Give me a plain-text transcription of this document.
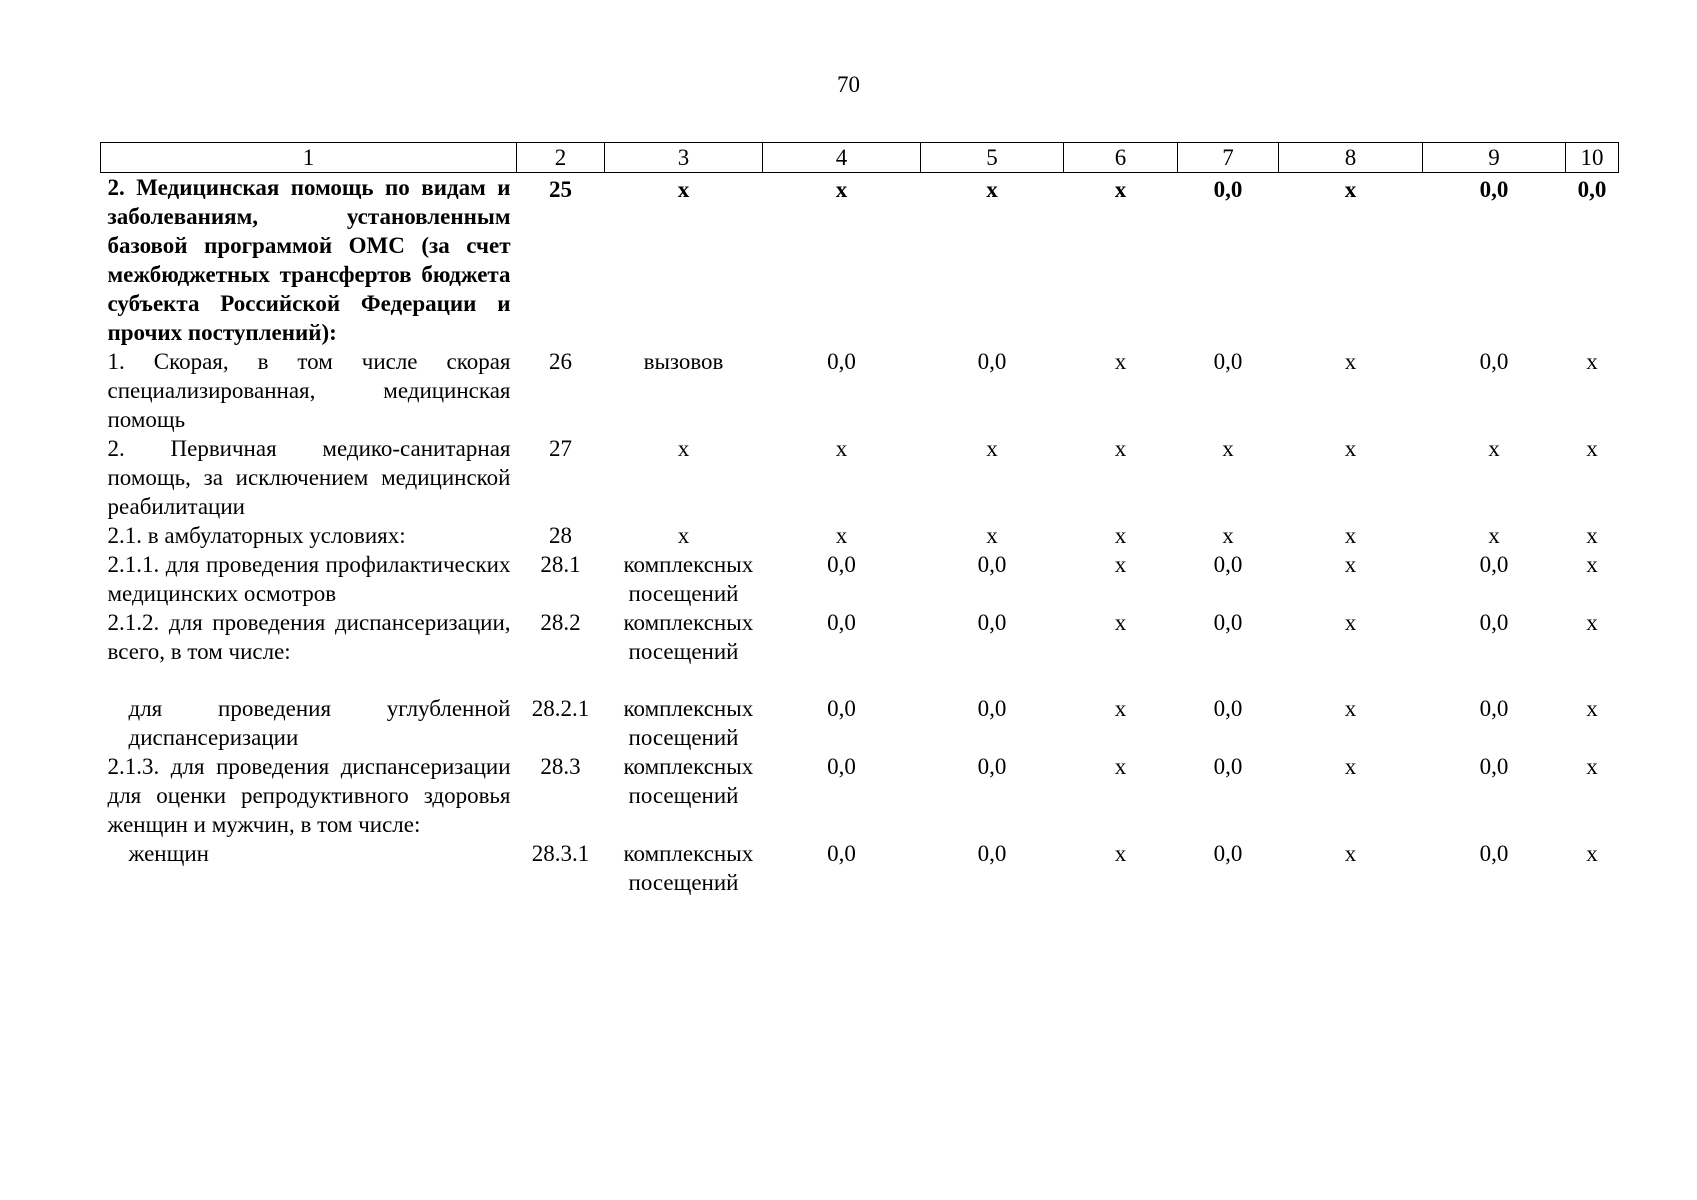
70
1	2	3	4	5	6	7	8	9	10
2. Медицинская помощь по видам и заболеваниям, установленным базовой программой ОМС (за счет межбюджетных трансфертов бюджета субъекта Российской Федерации и прочих поступлений):	25	х	х	х	х	0,0	х	0,0	0,0
1. Скорая, в том числе скорая специализированная, медицинская помощь	26	вызовов	0,0	0,0	х	0,0	х	0,0	х
2. Первичная медико-санитарная помощь, за исключением медицинской реабилитации	27	х	х	х	х	х	х	х	х
2.1. в амбулаторных условиях:	28	х	х	х	х	х	х	х	х
2.1.1. для проведения профилактических медицинских осмотров	28.1	комплексных посещений	0,0	0,0	х	0,0	х	0,0	х
2.1.2. для проведения диспансеризации, всего, в том числе:	28.2	комплексных посещений	0,0	0,0	х	0,0	х	0,0	х
для проведения углубленной диспансеризации	28.2.1	комплексных посещений	0,0	0,0	х	0,0	х	0,0	х
2.1.3. для проведения диспансеризации для оценки репродуктивного здоровья женщин и мужчин, в том числе:	28.3	комплексных посещений	0,0	0,0	х	0,0	х	0,0	х
женщин	28.3.1	комплексных посещений	0,0	0,0	х	0,0	х	0,0	х
